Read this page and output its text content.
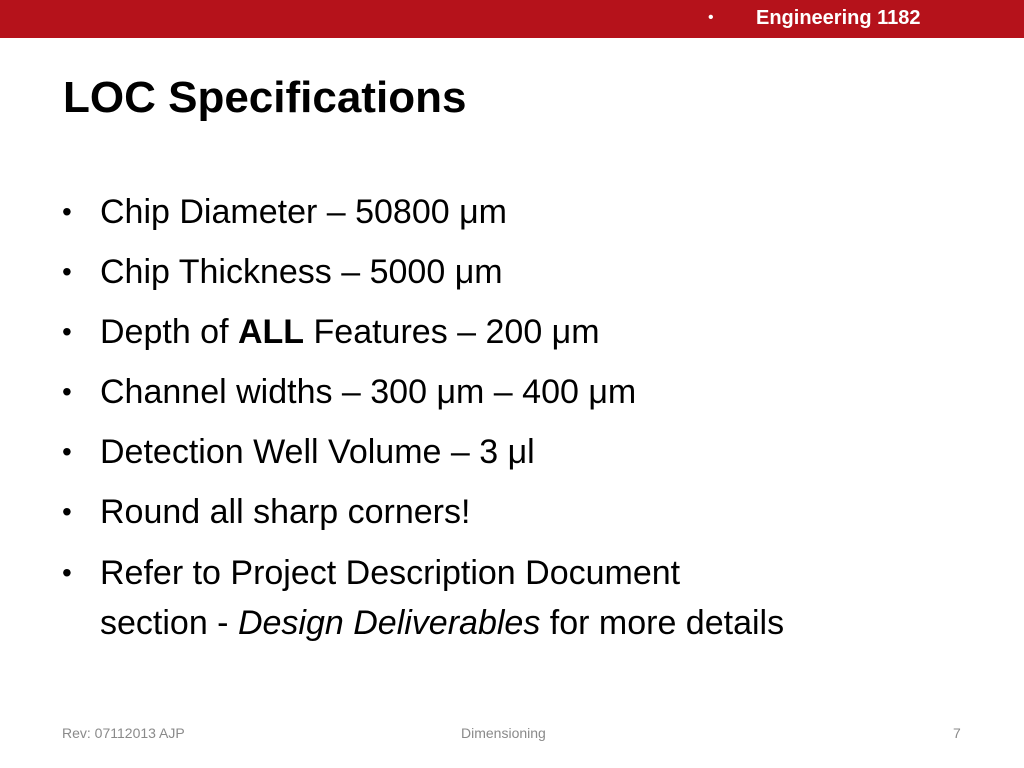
• Engineering 1182
LOC Specifications
• Chip Diameter – 50800 μm
• Chip Thickness – 5000 μm
• Depth of ALL Features – 200 μm
• Channel widths – 300 μm – 400 μm
• Detection Well Volume – 3 μl
• Round all sharp corners!
• Refer to Project Description Document
section - Design Deliverables for more details
Rev: 07112013 AJP	Dimensioning	7
